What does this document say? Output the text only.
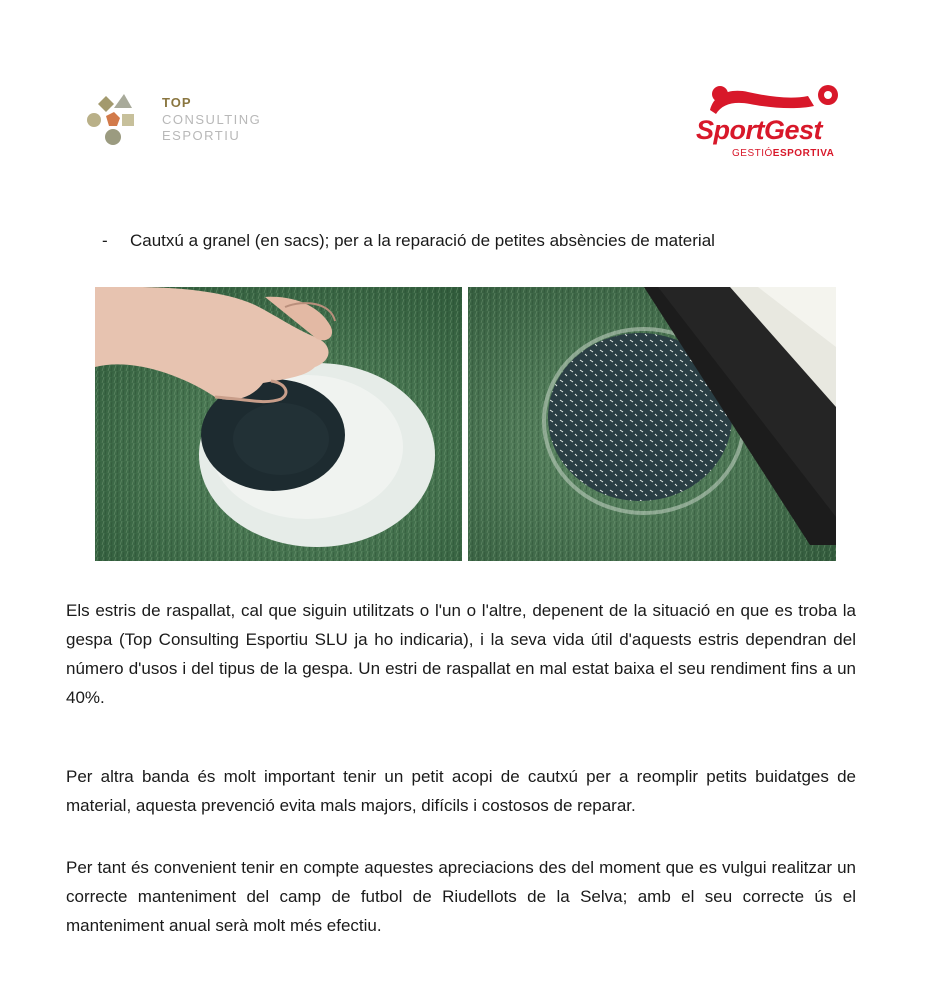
TOP
CONSULTING
ESPORTIU	SportGest
GESTIÓESPORTIVA
- Cautxú a granel (en sacs); per a la reparació de petites absències de material
Els estris de raspallat, cal que siguin utilitzats o l'un o l'altre, depenent de la situació en que es troba la gespa (Top Consulting Esportiu SLU ja ho indicaria), i la seva vida útil d'aquests estris dependran del número d'usos i del tipus de la gespa. Un estri de raspallat en mal estat baixa el seu rendiment fins a un 40%.
Per altra banda és molt important tenir un petit acopi de cautxú per a reomplir petits buidatges de material, aquesta prevenció evita mals majors, difícils i costosos de reparar.
Per tant és convenient tenir en compte aquestes apreciacions des del moment que es vulgui realitzar un correcte manteniment del camp de futbol de Riudellots de la Selva; amb el seu correcte ús el manteniment anual serà molt més efectiu.
